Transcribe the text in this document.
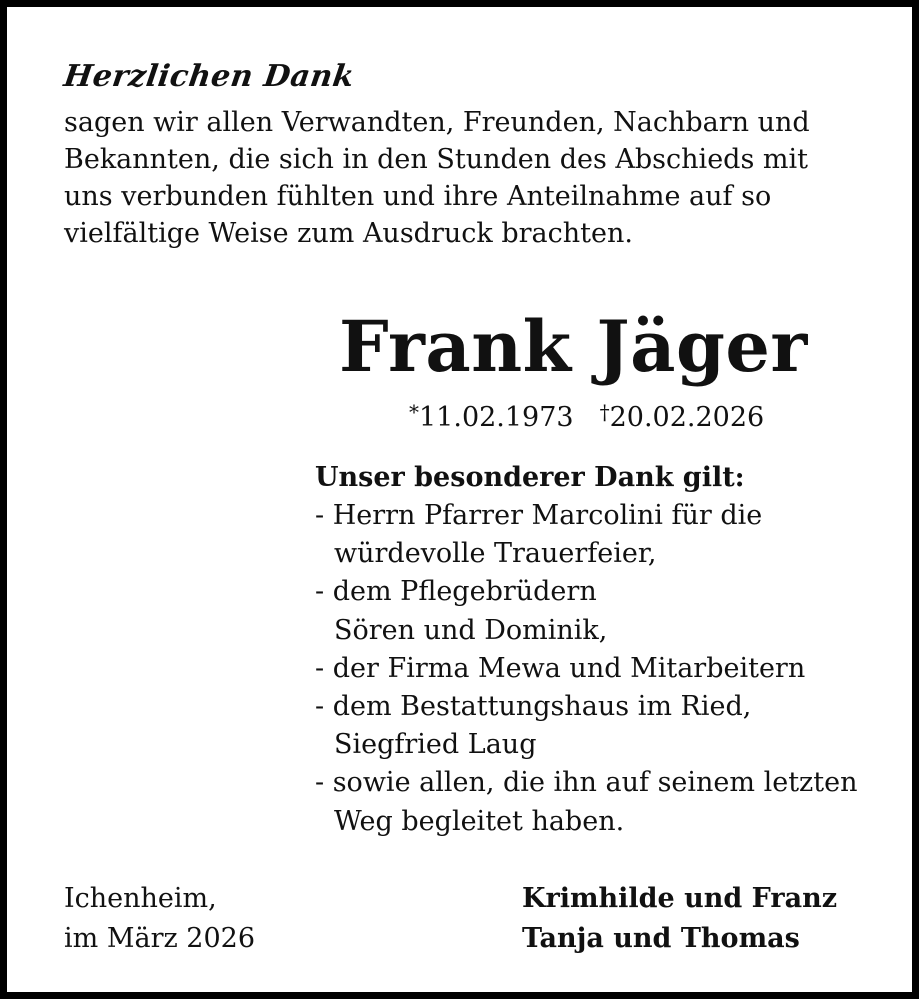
Herzlichen Dank
sagen wir allen Verwandten, Freunden, Nachbarn und
Bekannten, die sich in den Stunden des Abschieds mit
uns verbunden fühlten und ihre Anteilnahme auf so
vielfältige Weise zum Ausdruck brachten.
Frank Jäger
*11.02.1973 †20.02.2026
Unser besonderer Dank gilt:
- Herrn Pfarrer Marcolini für die
würdevolle Trauerfeier,
- dem Pflegebrüdern
Sören und Dominik,
- der Firma Mewa und Mitarbeitern
- dem Bestattungshaus im Ried,
Siegfried Laug
- sowie allen, die ihn auf seinem letzten
Weg begleitet haben.
Ichenheim,
im März 2026
Krimhilde und Franz
Tanja und Thomas
